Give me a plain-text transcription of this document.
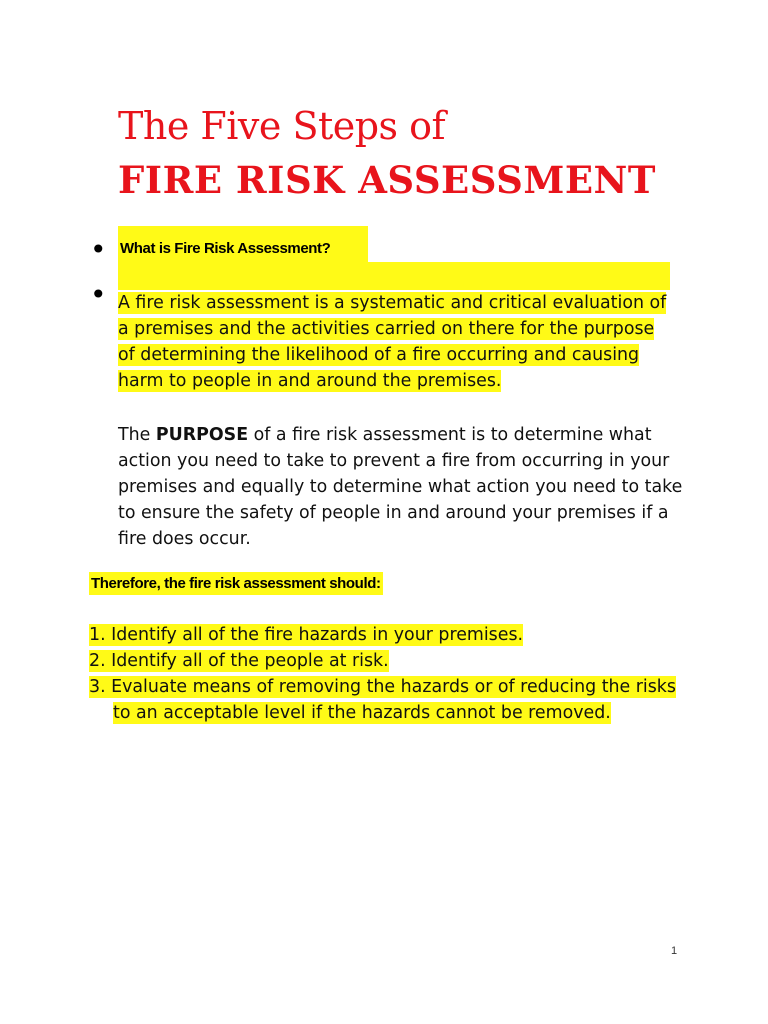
The Five Steps of
FIRE RISK ASSESSMENT
•
•
What is Fire Risk Assessment?
A fire risk assessment is a systematic and critical evaluation of
a premises and the activities carried on there for the purpose
of determining the likelihood of a fire occurring and causing
harm to people in and around the premises.
The PURPOSE of a fire risk assessment is to determine what
action you need to take to prevent a fire from occurring in your
premises and equally to determine what action you need to take
to ensure the safety of people in and around your premises if a
fire does occur.
Therefore, the fire risk assessment should:
1. Identify all of the fire hazards in your premises.
2. Identify all of the people at risk.
3. Evaluate means of removing the hazards or of reducing the risks
to an acceptable level if the hazards cannot be removed.
1
